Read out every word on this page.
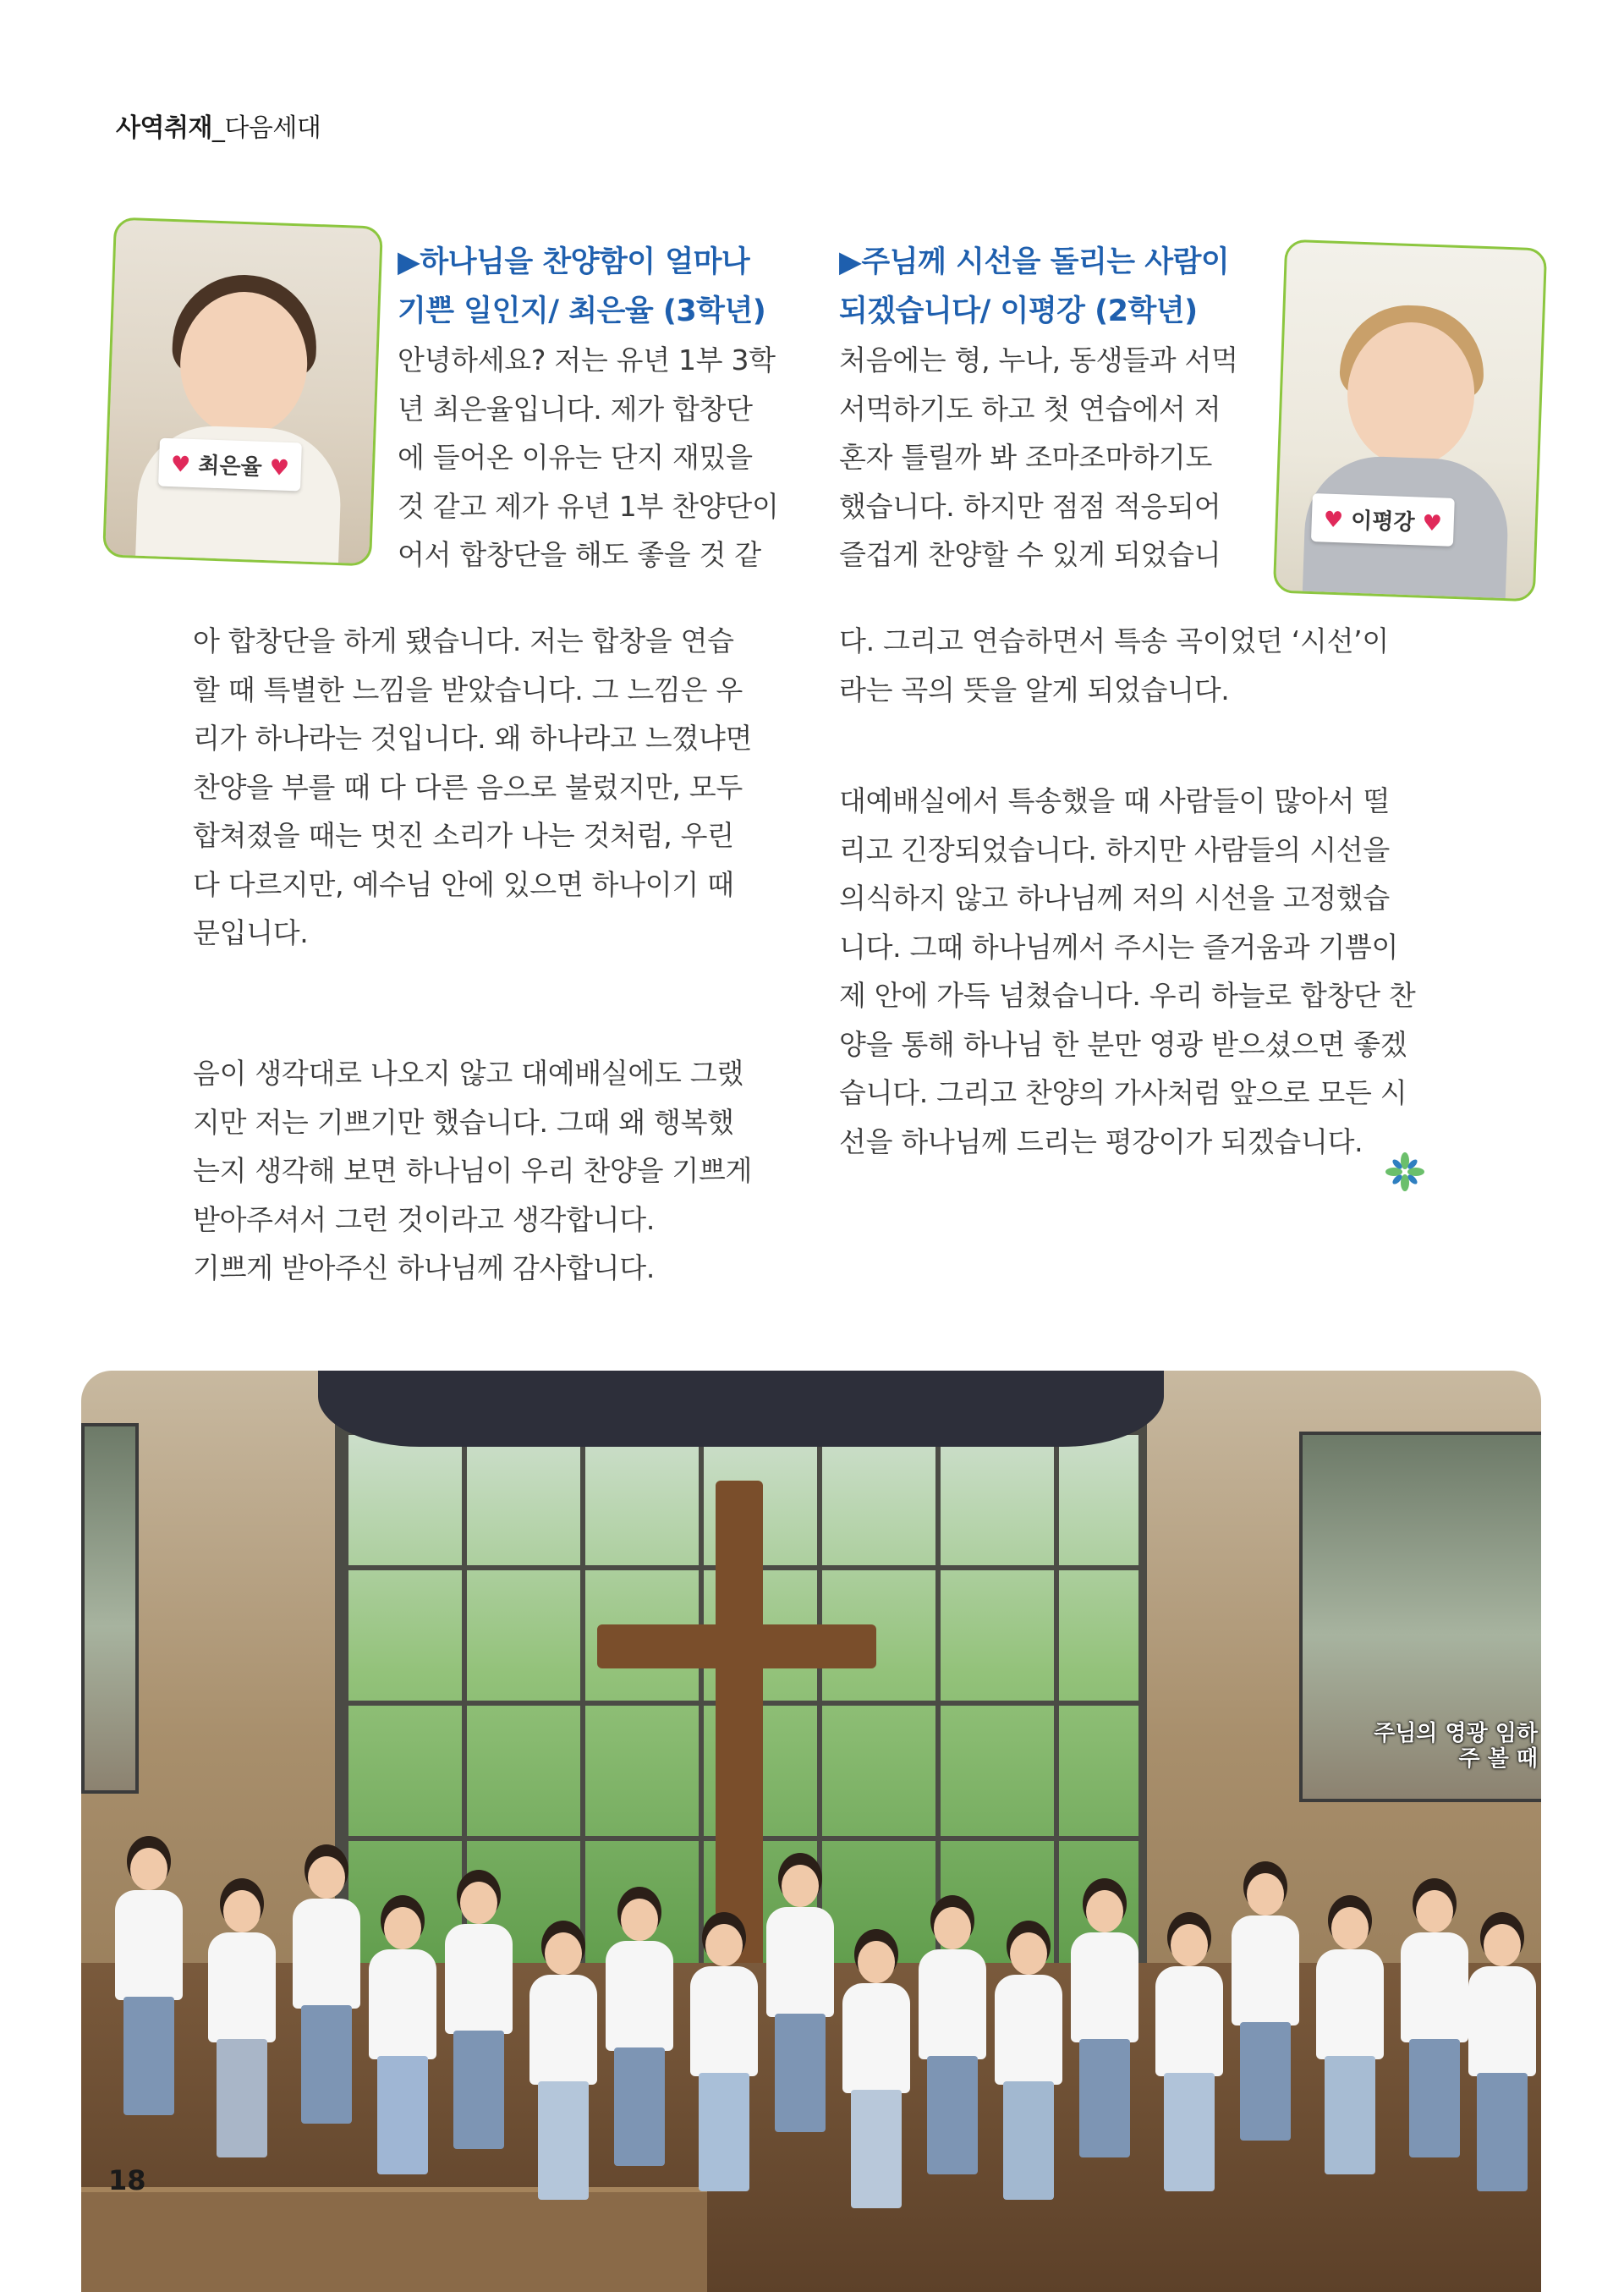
사역취재_다음세대
♥ 최은율 ♥
♥ 이평강 ♥

▶하나님을 찬양함이 얼마나

기쁜 일인지/ 최은율 (3학년)

안녕하세요? 저는 유년 1부 3학

년 최은율입니다. 제가 합창단

에 들어온 이유는 단지 재밌을

것 같고 제가 유년 1부 찬양단이

어서 합창단을 해도 좋을 것 같

아 합창단을 하게 됐습니다. 저는 합창을 연습

할 때 특별한 느낌을 받았습니다. 그 느낌은 우

리가 하나라는 것입니다. 왜 하나라고 느꼈냐면

찬양을 부를 때 다 다른 음으로 불렀지만, 모두

합쳐졌을 때는 멋진 소리가 나는 것처럼, 우린

다 다르지만, 예수님 안에 있으면 하나이기 때

문입니다.

음이 생각대로 나오지 않고 대예배실에도 그랬

지만 저는 기쁘기만 했습니다. 그때 왜 행복했

는지 생각해 보면 하나님이 우리 찬양을 기쁘게

받아주셔서 그런 것이라고 생각합니다.

기쁘게 받아주신 하나님께 감사합니다.

▶주님께 시선을 돌리는 사람이

되겠습니다/ 이평강 (2학년)

처음에는 형, 누나, 동생들과 서먹

서먹하기도 하고 첫 연습에서 저

혼자 틀릴까 봐 조마조마하기도

했습니다. 하지만 점점 적응되어

즐겁게 찬양할 수 있게 되었습니

다. 그리고 연습하면서 특송 곡이었던 ‘시선’이

라는 곡의 뜻을 알게 되었습니다.

대예배실에서 특송했을 때 사람들이 많아서 떨

리고 긴장되었습니다. 하지만 사람들의 시선을

의식하지 않고 하나님께 저의 시선을 고정했습

니다. 그때 하나님께서 주시는 즐거움과 기쁨이

제 안에 가득 넘쳤습니다. 우리 하늘로 합창단 찬

양을 통해 하나님 한 분만 영광 받으셨으면 좋겠

습니다. 그리고 찬양의 가사처럼 앞으로 모든 시

선을 하나님께 드리는 평강이가 되겠습니다.

주님의 영광 임하
주 볼 때
18
